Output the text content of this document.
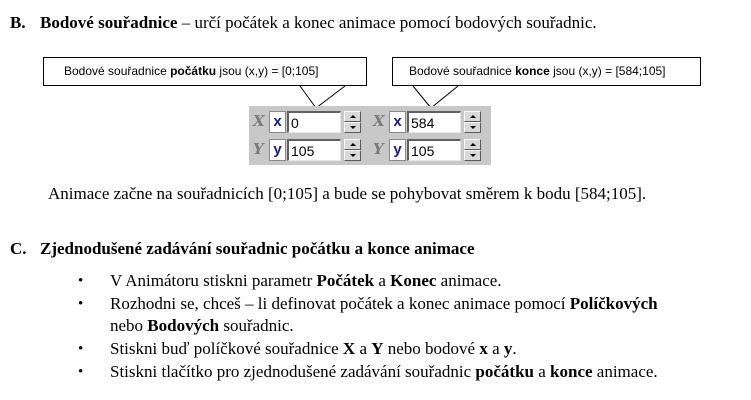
B. Bodové souřadnice – určí počátek a konec animace pomocí bodových souřadnic.
Bodové souřadnice počátku jsou (x,y) = [0;105]	Bodové souřadnice konce jsou (x,y) = [584;105]
X x
0
Y y
105
X x
584
Y y
105
Animace začne na souřadnicích [0;105] a bude se pohybovat směrem k bodu [584;105].
C. Zjednodušené zadávání souřadnic počátku a konce animace
• V Animátoru stiskni parametr Počátek a Konec animace.
• Rozhodni se, chceš – li definovat počátek a konec animace pomocí Políčkových
nebo Bodových souřadnic.
• Stiskni buď políčkové souřadnice X a Y nebo bodové x a y.
• Stiskni tlačítko pro zjednodušené zadávání souřadnic počátku a konce animace.
